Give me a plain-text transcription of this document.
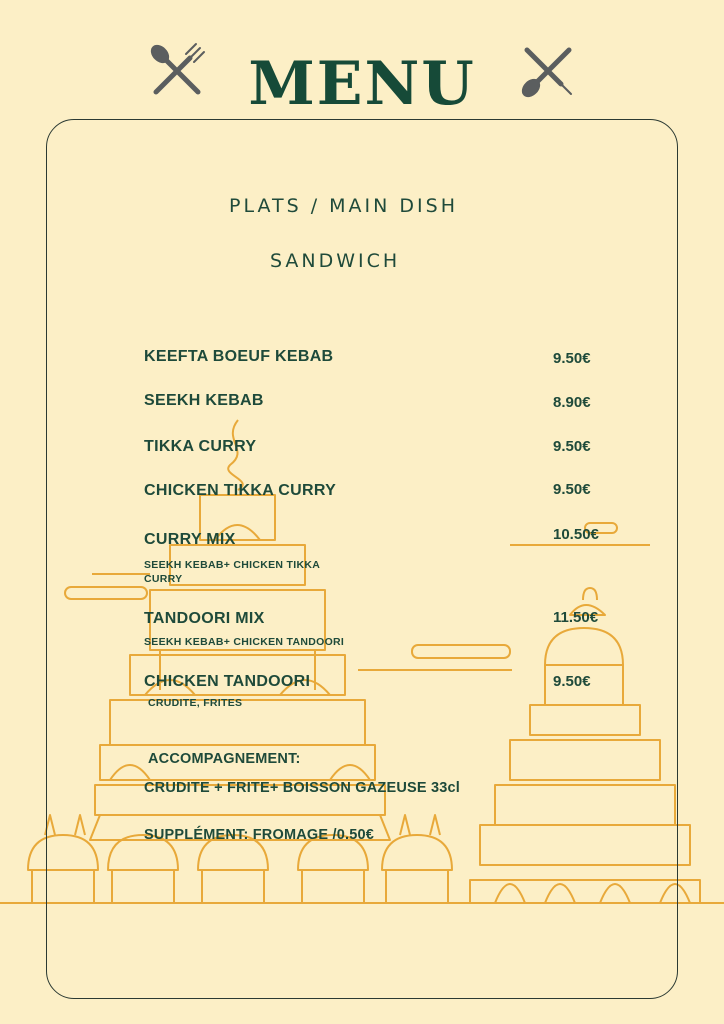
MENU
PLATS / MAIN DISH
SANDWICH
KEEFTA BOEUF KEBAB	9.50€
SEEKH KEBAB	8.90€
TIKKA CURRY	9.50€
CHICKEN TIKKA CURRY	9.50€
CURRY MIX	10.50€
SEEKH KEBAB+ CHICKEN TIKKA CURRY
TANDOORI MIX	11.50€
SEEKH KEBAB+ CHICKEN TANDOORI
CHICKEN TANDOORI	9.50€
CRUDITE, FRITES
ACCOMPAGNEMENT:
CRUDITE + FRITE+ BOISSON GAZEUSE 33cl
SUPPLÉMENT: FROMAGE /0.50€
